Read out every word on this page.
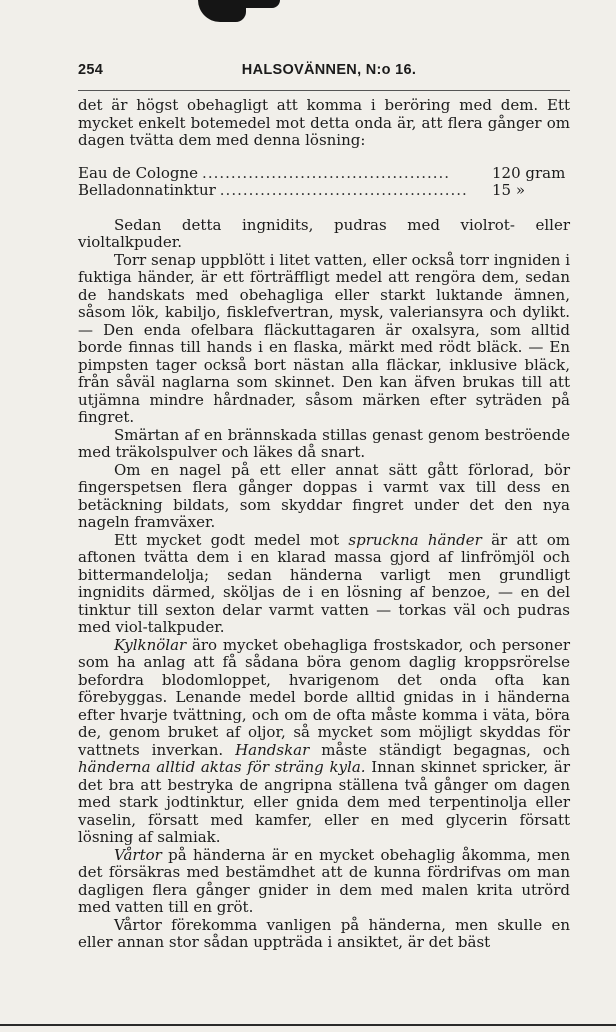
254	HALSOVÄNNEN, N:o 16.

det är högst obehagligt att komma i beröring med dem. Ett mycket enkelt botemedel mot detta onda är, att flera gånger om dagen tvätta dem med denna lösning:

Eau de Cologne ...........................................	120 gram
Belladonnatinktur ...........................................	15 »

Sedan detta ingnidits, pudras med violrot- eller violtalkpuder.

Torr senap uppblött i litet vatten, eller också torr ingniden i fuktiga händer, är ett förträffligt medel att rengöra dem, sedan de handskats med obehagliga eller starkt luktande ämnen, såsom lök, kabiljo, fisklefvertran, mysk, valeriansyra och dylikt. — Den enda ofelbara fläckuttagaren är oxalsyra, som alltid borde finnas till hands i en flaska, märkt med rödt bläck. — En pimpsten tager också bort nästan alla fläckar, inklusive bläck, från såväl naglarna som skinnet. Den kan äfven brukas till att utjämna mindre hårdnader, såsom märken efter syträden på fingret.

Smärtan af en brännskada stillas genast genom beströende med träkolspulver och läkes då snart.

Om en nagel på ett eller annat sätt gått förlorad, bör fingerspetsen flera gånger doppas i varmt vax till dess en betäckning bildats, som skyddar fingret under det den nya nageln framväxer.

Ett mycket godt medel mot spruckna händer är att om aftonen tvätta dem i en klarad massa gjord af linfrömjöl och bittermandelolja; sedan händerna varligt men grundligt ingnidits därmed, sköljas de i en lösning af benzoe, — en del tinktur till sexton delar varmt vatten — torkas väl och pudras med viol-talkpuder.

Kylknölar äro mycket obehagliga frostskador, och personer som ha anlag att få sådana böra genom daglig kroppsrörelse befordra blodomloppet, hvarigenom det onda ofta kan förebyggas. Lenande medel borde alltid gnidas in i händerna efter hvarje tvättning, och om de ofta måste komma i väta, böra de, genom bruket af oljor, så mycket som möjligt skyddas för vattnets inverkan. Handskar måste ständigt begagnas, och händerna alltid aktas för sträng kyla. Innan skinnet spricker, är det bra att bestryka de angripna ställena två gånger om dagen med stark jodtinktur, eller gnida dem med terpentinolja eller vaselin, försatt med kamfer, eller en med glycerin försatt lösning af salmiak.

Vårtor på händerna är en mycket obehaglig åkomma, men det försäkras med bestämdhet att de kunna fördrifvas om man dagligen flera gånger gnider in dem med malen krita utrörd med vatten till en gröt.

Vårtor förekomma vanligen på händerna, men skulle en eller annan stor sådan uppträda i ansiktet, är det bäst
